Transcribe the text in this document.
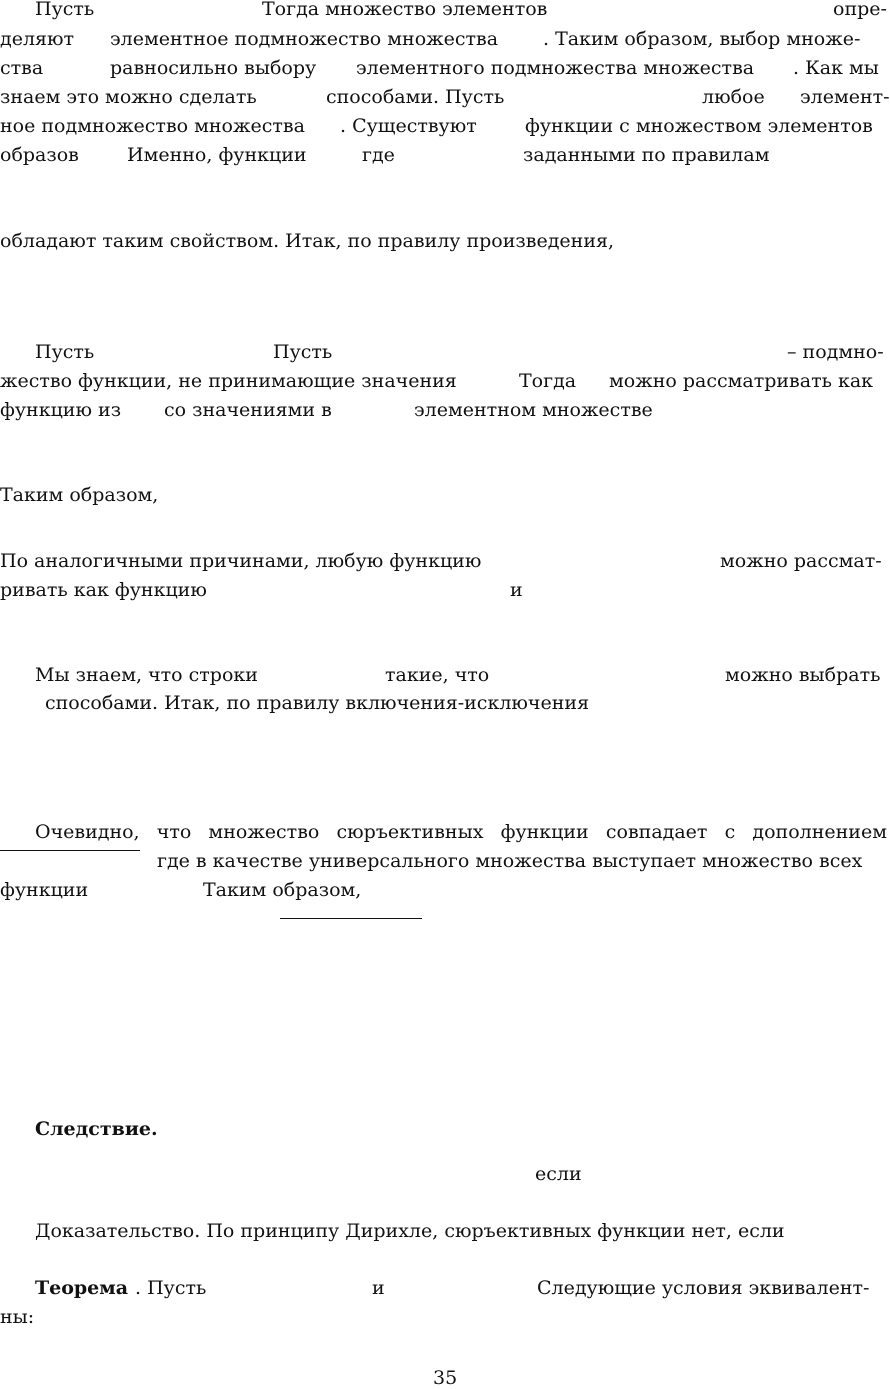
Пусть	Тогда множество элементов	опре-
деляют элементное подмножество множества . Таким образом, выбор множе-
ства	равносильно выбору элементного подмножества множества . Как мы
знаем это можно сделать	способами. Пусть	любое элемент-
ное подмножество множества . Существуют	функции с множеством элементов
образов	Именно, функции	где	заданными по правилам
обладают таким свойством. Итак, по правилу произведения,
Пусть	Пусть	– подмно-
жество функции, не принимающие значения	Тогда можно рассматривать как
функцию из со значениями в	элементном множестве
Таким образом,
По аналогичными причинами, любую функцию	можно рассмат-
ривать как функцию	и
Мы знаем, что строки	такие, что	можно выбрать
способами. Итак, по правилу включения-исключения
Очевидно, что множество сюръективных функции совпадает с дополнением
где в качестве универсального множества выступает множество всех
функции	Таким образом,
Следствие.
если
Доказательство. По принципу Дирихле, сюръективных функции нет, если
Теорема . Пусть	и	Следующие условия эквивалент-
ны:
35
